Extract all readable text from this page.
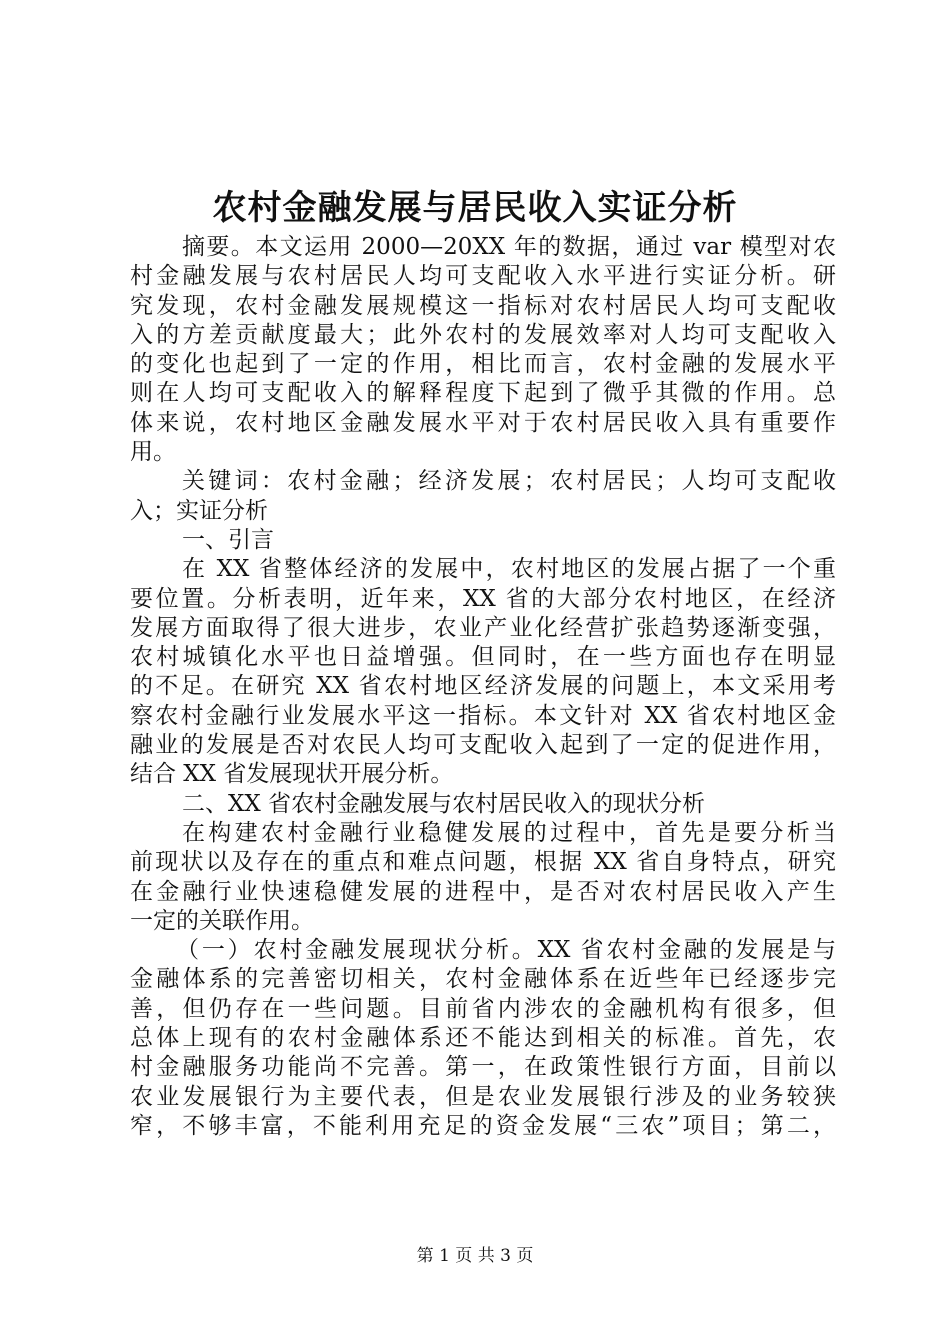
农村金融发展与居民收入实证分析
摘要。本文运用 2000—20XX 年的数据，通过 var 模型对农
村金融发展与农村居民人均可支配收入水平进行实证分析。研
究发现，农村金融发展规模这一指标对农村居民人均可支配收
入的方差贡献度最大；此外农村的发展效率对人均可支配收入
的变化也起到了一定的作用，相比而言，农村金融的发展水平
则在人均可支配收入的解释程度下起到了微乎其微的作用。总
体来说，农村地区金融发展水平对于农村居民收入具有重要作
用。
关键词：农村金融；经济发展；农村居民；人均可支配收
入；实证分析
一、引言
在 XX 省整体经济的发展中，农村地区的发展占据了一个重
要位置。分析表明，近年来，XX 省的大部分农村地区，在经济
发展方面取得了很大进步，农业产业化经营扩张趋势逐渐变强，
农村城镇化水平也日益增强。但同时，在一些方面也存在明显
的不足。在研究 XX 省农村地区经济发展的问题上，本文采用考
察农村金融行业发展水平这一指标。本文针对 XX 省农村地区金
融业的发展是否对农民人均可支配收入起到了一定的促进作用，
结合 XX 省发展现状开展分析。
二、XX 省农村金融发展与农村居民收入的现状分析
在构建农村金融行业稳健发展的过程中，首先是要分析当
前现状以及存在的重点和难点问题，根据 XX 省自身特点，研究
在金融行业快速稳健发展的进程中，是否对农村居民收入产生
一定的关联作用。
（一）农村金融发展现状分析。XX 省农村金融的发展是与
金融体系的完善密切相关，农村金融体系在近些年已经逐步完
善，但仍存在一些问题。目前省内涉农的金融机构有很多，但
总体上现有的农村金融体系还不能达到相关的标准。首先，农
村金融服务功能尚不完善。第一，在政策性银行方面，目前以
农业发展银行为主要代表，但是农业发展银行涉及的业务较狭
窄，不够丰富，不能利用充足的资金发展“三农”项目；第二，
第 1 页 共 3 页
